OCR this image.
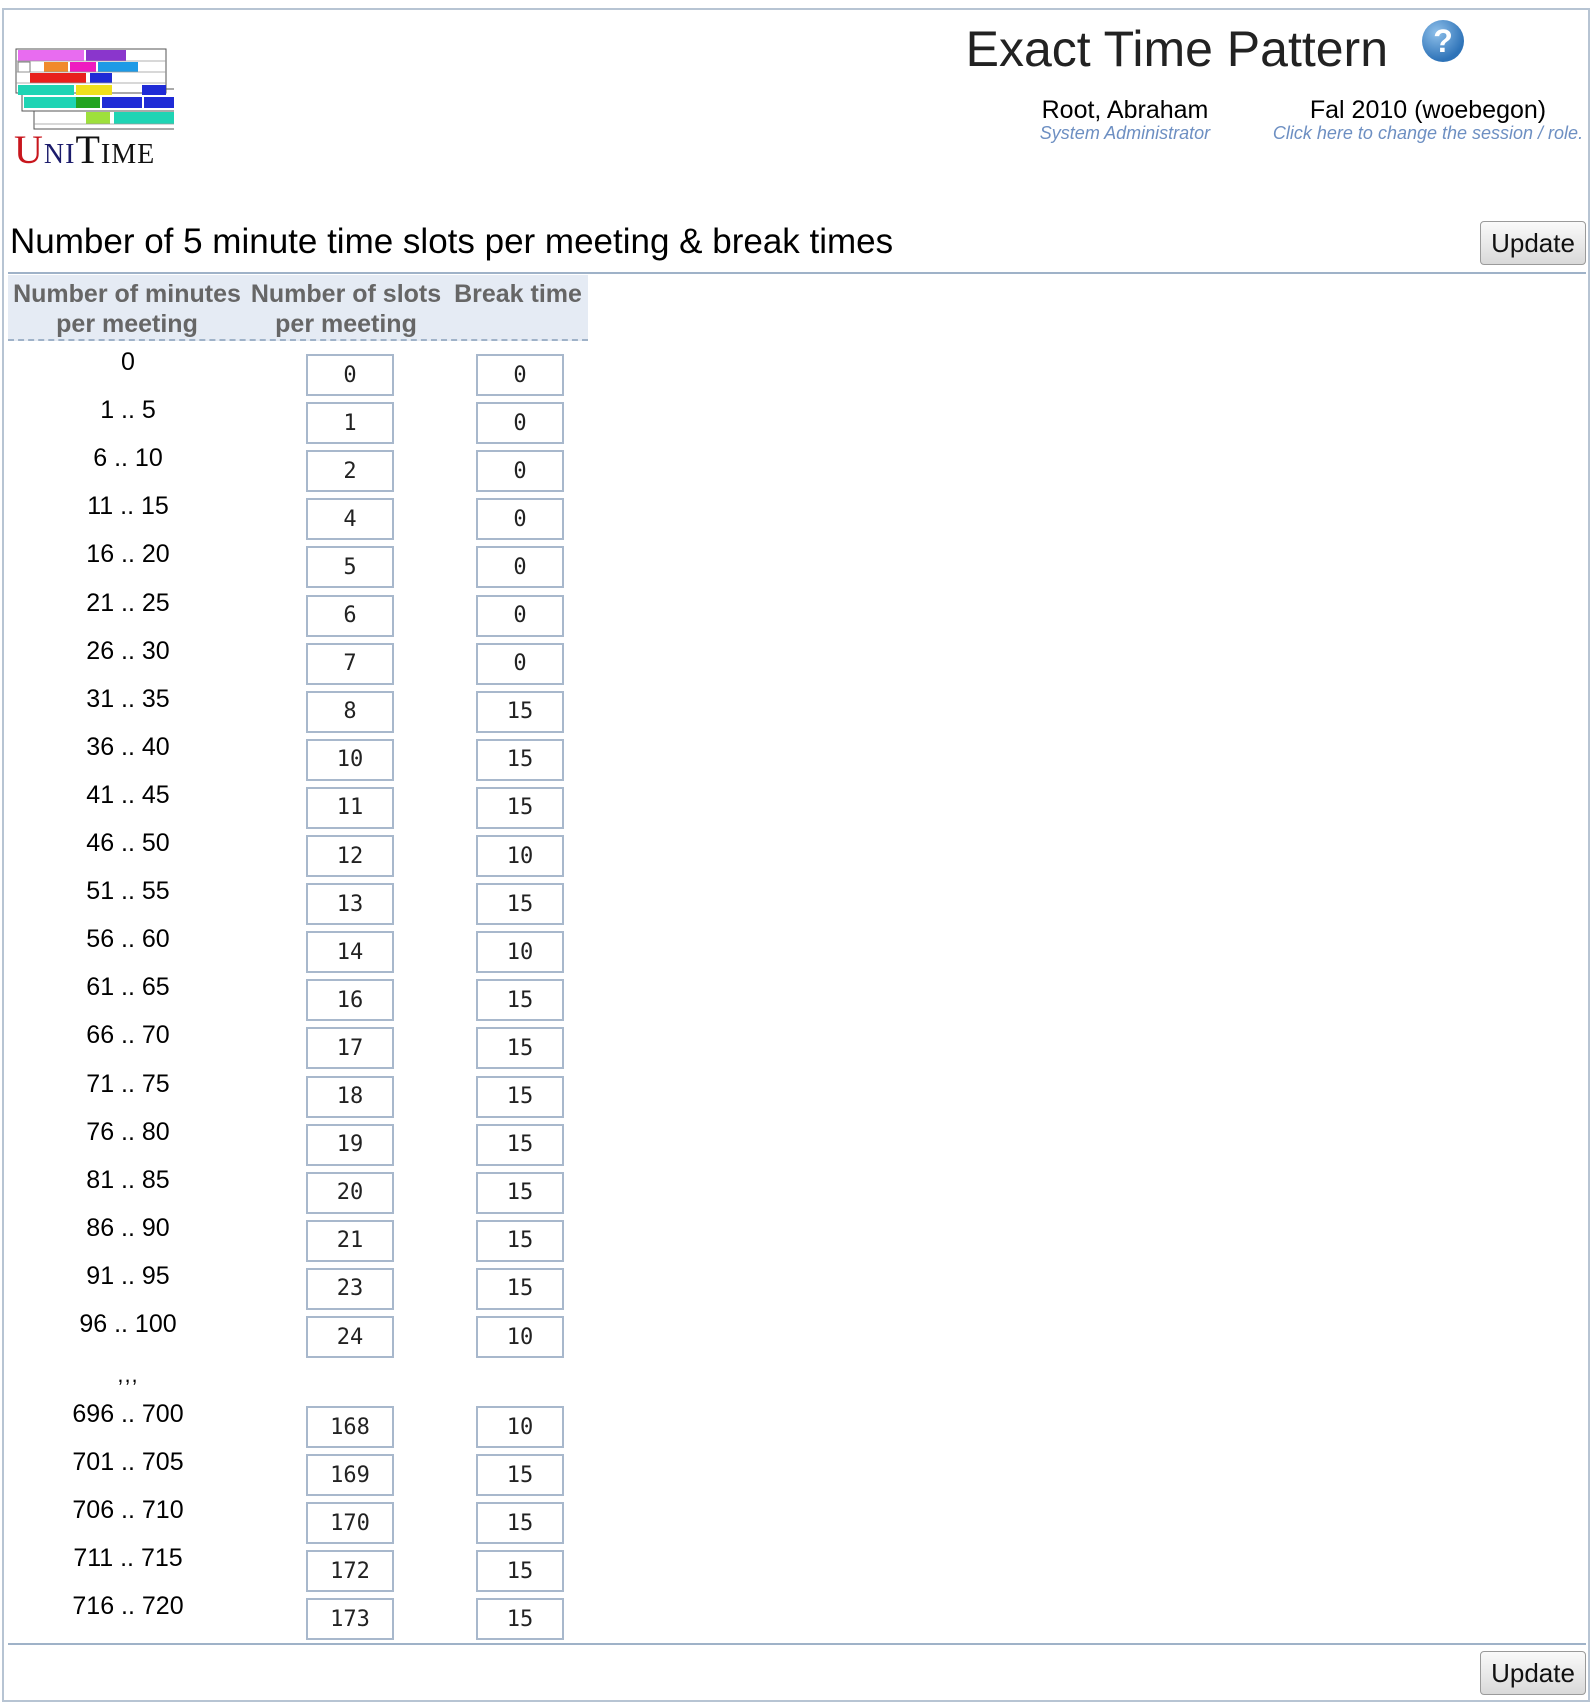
UNITIME
Exact Time Pattern	?
Root, Abraham
System Administrator
Fal 2010 (woebegon)
Click here to change the session / role.
Number of 5 minute time slots per meeting & break times	Update
Number of minutes
per meeting
Number of slots
per meeting
Break time
0
0
0
1 .. 5
1
0
6 .. 10
2
0
11 .. 15
4
0
16 .. 20
5
0
21 .. 25
6
0
26 .. 30
7
0
31 .. 35
8
15
36 .. 40
10
15
41 .. 45
11
15
46 .. 50
12
10
51 .. 55
13
15
56 .. 60
14
10
61 .. 65
16
15
66 .. 70
17
15
71 .. 75
18
15
76 .. 80
19
15
81 .. 85
20
15
86 .. 90
21
15
91 .. 95
23
15
96 .. 100
24
10
696 .. 700
168
10
701 .. 705
169
15
706 .. 710
170
15
711 .. 715
172
15
716 .. 720
173
15
,,,
Update
